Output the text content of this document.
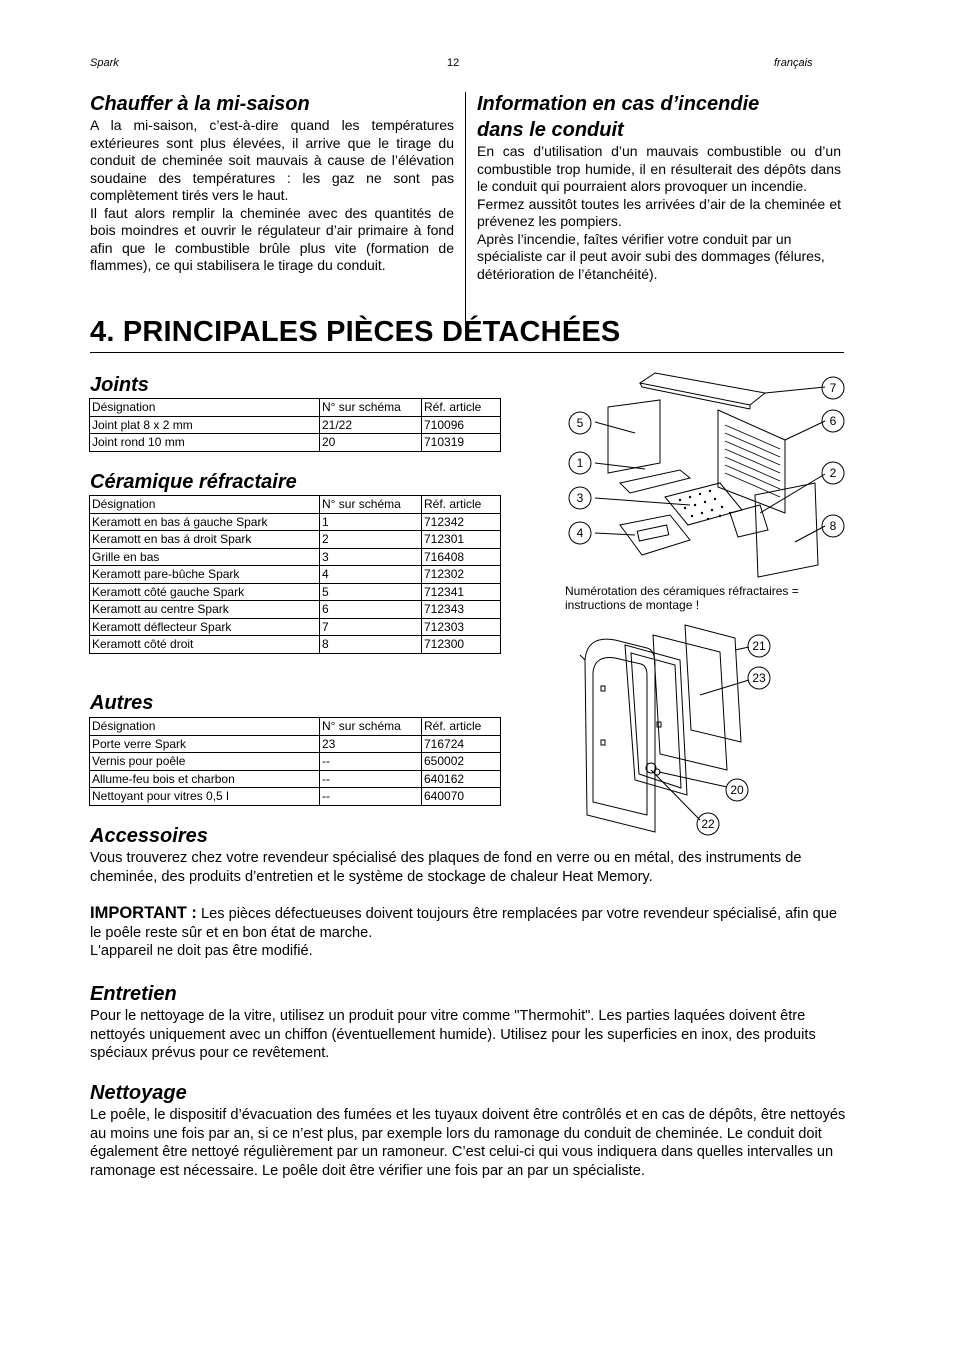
Spark	12	français
Chauffer à la mi-saison

A la mi-saison, c’est-à-dire quand les températures extérieures sont plus élevées, il arrive que le tirage du conduit de cheminée soit mauvais à cause de l’élévation soudaine des températures : les gaz ne sont pas complètement tirés vers le haut.

Il faut alors remplir la cheminée avec des quantités de bois moindres et ouvrir le régulateur d’air primaire à fond afin que le combustible brûle plus vite (formation de flammes), ce qui stabilisera le tirage du conduit.

Information en cas d’incendie
dans le conduit

En cas d’utilisation d’un mauvais combustible ou d’un combustible trop humide, il en résulterait des dépôts dans le conduit qui pourraient alors provoquer un incendie.

Fermez aussitôt toutes les arrivées d’air de la cheminée et prévenez les pompiers.

Après l’incendie, faîtes vérifier votre conduit par un spécialiste car il peut avoir subi des dommages (félures, détérioration de l’étanchéité).

4. PRINCIPALES PIÈCES DÉTACHÉES
Joints
Désignation	N° sur schéma	Réf. article
Joint plat 8 x 2 mm	21/22	710096
Joint rond 10 mm	20	710319
Céramique réfractaire
Désignation	N° sur schéma	Réf. article
Keramott en bas á gauche Spark	1	712342
Keramott en bas á droit Spark	2	712301
Grille en bas	3	716408
Keramott pare-bûche Spark	4	712302
Keramott côté gauche Spark	5	712341
Keramott au centre Spark	6	712343
Keramott déflecteur Spark	7	712303
Keramott côté droit	8	712300
Autres
Désignation	N° sur schéma	Réf. article
Porte verre Spark	23	716724
Vernis pour poêle	--	650002
Allume-feu bois et charbon	--	640162
Nettoyant pour vitres 0,5 l	--	640070
7
6
5
1
2
3
8
4
Numérotation des céramiques réfractaires =
instructions de montage !
21
23
20
22
Accessoires

Vous trouverez chez votre revendeur spécialisé des plaques de fond en verre ou en métal, des instruments de cheminée, des produits d’entretien et le système de stockage de chaleur Heat Memory.

IMPORTANT : Les pièces défectueuses doivent toujours être remplacées par votre revendeur spécialisé, afin que le poêle reste sûr et en bon état de marche.

L'appareil ne doit pas être modifié.

Entretien

Pour le nettoyage de la vitre, utilisez un produit pour vitre comme "Thermohit". Les parties laquées doivent être nettoyés uniquement avec un chiffon (éventuellement humide). Utilisez pour les superficies en inox, des produits spéciaux prévus pour ce revêtement.

Nettoyage

Le poêle, le dispositif d’évacuation des fumées et les tuyaux doivent être contrôlés et en cas de dépôts, être nettoyés au moins une fois par an, si ce n’est plus, par exemple lors du ramonage du conduit de cheminée. Le conduit doit également être nettoyé régulièrement par un ramoneur. C’est celui-ci qui vous indiquera dans quelles intervalles un ramonage est nécessaire. Le poêle doit être vérifier une fois par an par un spécialiste.
